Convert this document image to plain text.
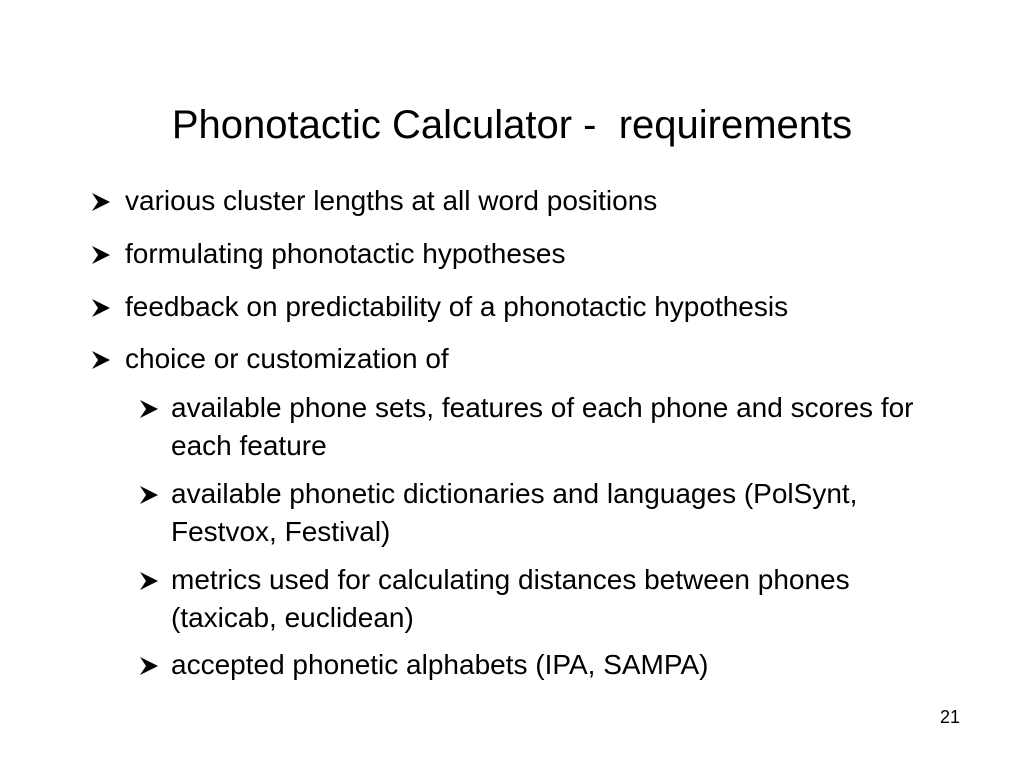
Phonotactic Calculator -  requirements
various cluster lengths at all word positions
formulating phonotactic hypotheses
feedback on predictability of a phonotactic hypothesis
choice or customization of
available phone sets, features of each phone and scores for each feature
available phonetic dictionaries and languages (PolSynt, Festvox, Festival)
metrics used for calculating distances between phones (taxicab, euclidean)
accepted phonetic alphabets (IPA, SAMPA)
21
